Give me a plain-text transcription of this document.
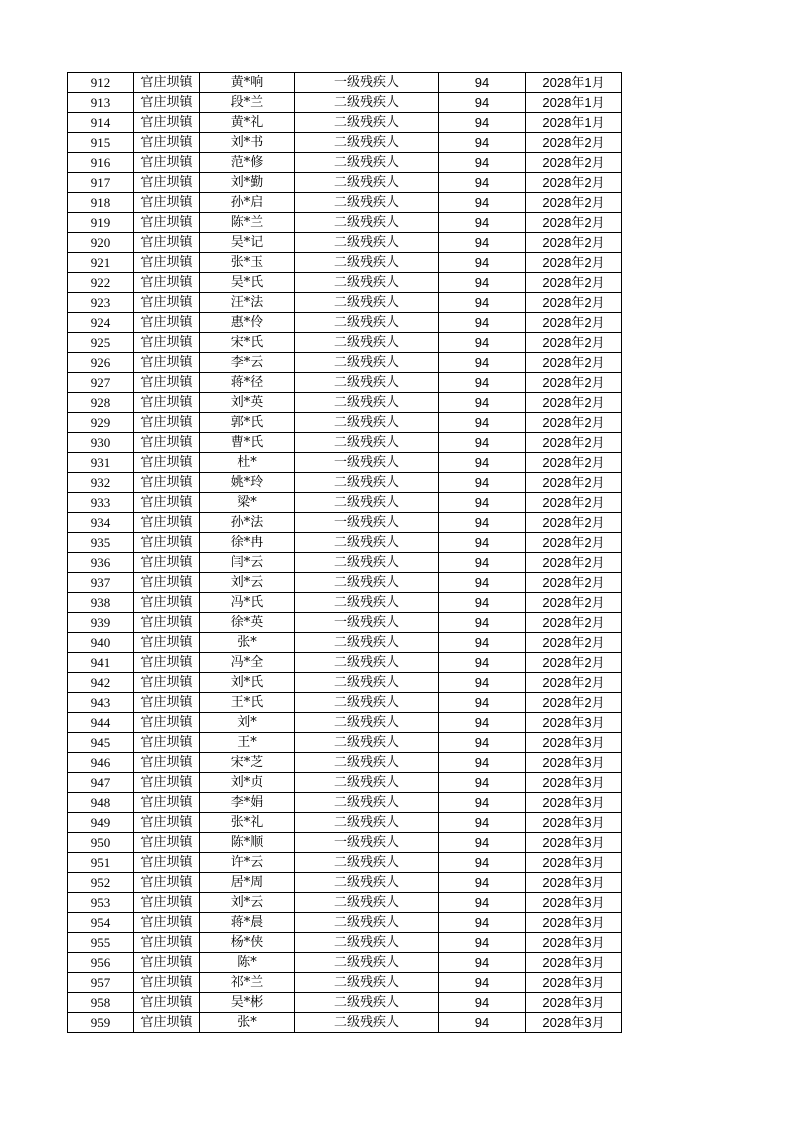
912	官庄坝镇	黄*响	一级残疾人	94	2028年1月
913	官庄坝镇	段*兰	二级残疾人	94	2028年1月
914	官庄坝镇	黄*礼	二级残疾人	94	2028年1月
915	官庄坝镇	刘*书	二级残疾人	94	2028年2月
916	官庄坝镇	范*修	二级残疾人	94	2028年2月
917	官庄坝镇	刘*勤	二级残疾人	94	2028年2月
918	官庄坝镇	孙*启	二级残疾人	94	2028年2月
919	官庄坝镇	陈*兰	二级残疾人	94	2028年2月
920	官庄坝镇	吴*记	二级残疾人	94	2028年2月
921	官庄坝镇	张*玉	二级残疾人	94	2028年2月
922	官庄坝镇	吴*氏	二级残疾人	94	2028年2月
923	官庄坝镇	汪*法	二级残疾人	94	2028年2月
924	官庄坝镇	惠*伶	二级残疾人	94	2028年2月
925	官庄坝镇	宋*氏	二级残疾人	94	2028年2月
926	官庄坝镇	李*云	二级残疾人	94	2028年2月
927	官庄坝镇	蒋*径	二级残疾人	94	2028年2月
928	官庄坝镇	刘*英	二级残疾人	94	2028年2月
929	官庄坝镇	郭*氏	二级残疾人	94	2028年2月
930	官庄坝镇	曹*氏	二级残疾人	94	2028年2月
931	官庄坝镇	杜*	一级残疾人	94	2028年2月
932	官庄坝镇	姚*玲	二级残疾人	94	2028年2月
933	官庄坝镇	梁*	二级残疾人	94	2028年2月
934	官庄坝镇	孙*法	一级残疾人	94	2028年2月
935	官庄坝镇	徐*冉	二级残疾人	94	2028年2月
936	官庄坝镇	闫*云	二级残疾人	94	2028年2月
937	官庄坝镇	刘*云	二级残疾人	94	2028年2月
938	官庄坝镇	冯*氏	二级残疾人	94	2028年2月
939	官庄坝镇	徐*英	一级残疾人	94	2028年2月
940	官庄坝镇	张*	二级残疾人	94	2028年2月
941	官庄坝镇	冯*全	二级残疾人	94	2028年2月
942	官庄坝镇	刘*氏	二级残疾人	94	2028年2月
943	官庄坝镇	王*氏	二级残疾人	94	2028年2月
944	官庄坝镇	刘*	二级残疾人	94	2028年3月
945	官庄坝镇	王*	二级残疾人	94	2028年3月
946	官庄坝镇	宋*芝	二级残疾人	94	2028年3月
947	官庄坝镇	刘*贞	二级残疾人	94	2028年3月
948	官庄坝镇	李*娟	二级残疾人	94	2028年3月
949	官庄坝镇	张*礼	二级残疾人	94	2028年3月
950	官庄坝镇	陈*顺	一级残疾人	94	2028年3月
951	官庄坝镇	许*云	二级残疾人	94	2028年3月
952	官庄坝镇	居*周	二级残疾人	94	2028年3月
953	官庄坝镇	刘*云	二级残疾人	94	2028年3月
954	官庄坝镇	蒋*晨	二级残疾人	94	2028年3月
955	官庄坝镇	杨*侠	二级残疾人	94	2028年3月
956	官庄坝镇	陈*	二级残疾人	94	2028年3月
957	官庄坝镇	祁*兰	二级残疾人	94	2028年3月
958	官庄坝镇	吴*彬	二级残疾人	94	2028年3月
959	官庄坝镇	张*	二级残疾人	94	2028年3月
